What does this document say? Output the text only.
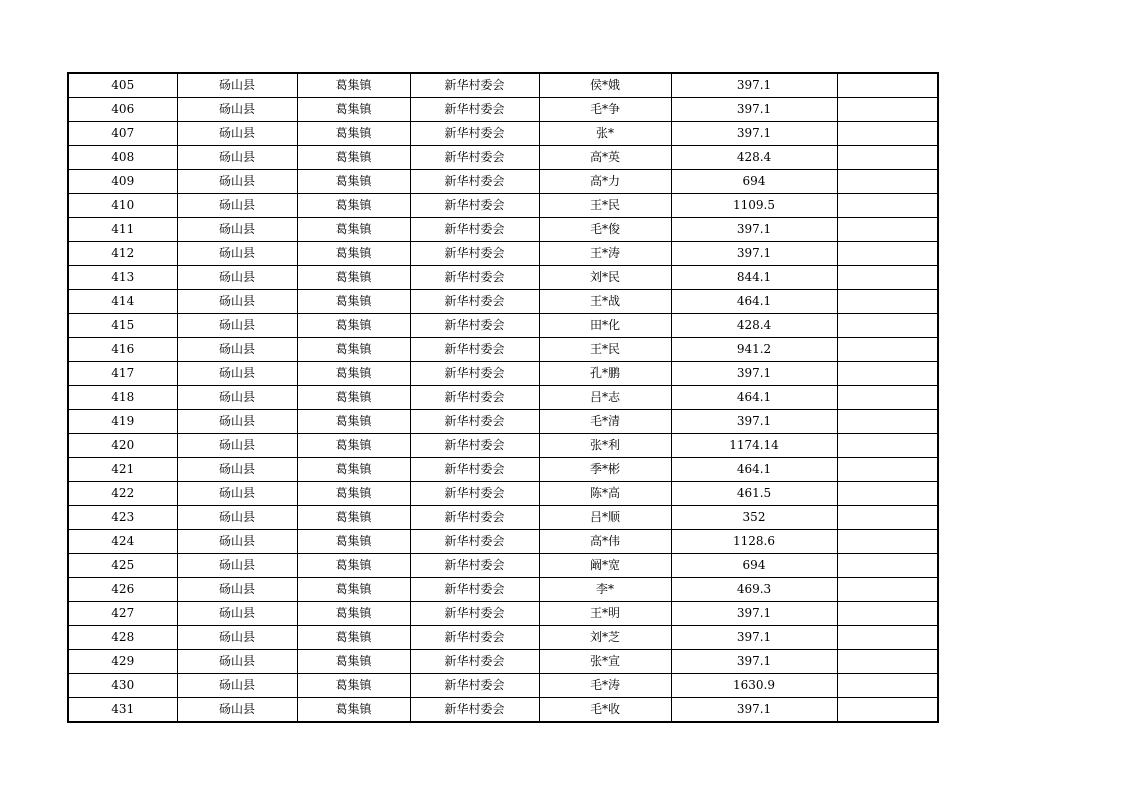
405	砀山县	葛集镇	新华村委会	侯*娥	397.1	
406	砀山县	葛集镇	新华村委会	毛*争	397.1	
407	砀山县	葛集镇	新华村委会	张*	397.1	
408	砀山县	葛集镇	新华村委会	高*英	428.4	
409	砀山县	葛集镇	新华村委会	高*力	694	
410	砀山县	葛集镇	新华村委会	王*民	1109.5	
411	砀山县	葛集镇	新华村委会	毛*俊	397.1	
412	砀山县	葛集镇	新华村委会	王*涛	397.1	
413	砀山县	葛集镇	新华村委会	刘*民	844.1	
414	砀山县	葛集镇	新华村委会	王*战	464.1	
415	砀山县	葛集镇	新华村委会	田*化	428.4	
416	砀山县	葛集镇	新华村委会	王*民	941.2	
417	砀山县	葛集镇	新华村委会	孔*鹏	397.1	
418	砀山县	葛集镇	新华村委会	吕*志	464.1	
419	砀山县	葛集镇	新华村委会	毛*清	397.1	
420	砀山县	葛集镇	新华村委会	张*利	1174.14	
421	砀山县	葛集镇	新华村委会	季*彬	464.1	
422	砀山县	葛集镇	新华村委会	陈*高	461.5	
423	砀山县	葛集镇	新华村委会	吕*顺	352	
424	砀山县	葛集镇	新华村委会	高*伟	1128.6	
425	砀山县	葛集镇	新华村委会	阚*宽	694	
426	砀山县	葛集镇	新华村委会	李*	469.3	
427	砀山县	葛集镇	新华村委会	王*明	397.1	
428	砀山县	葛集镇	新华村委会	刘*芝	397.1	
429	砀山县	葛集镇	新华村委会	张*宣	397.1	
430	砀山县	葛集镇	新华村委会	毛*涛	1630.9	
431	砀山县	葛集镇	新华村委会	毛*收	397.1	
